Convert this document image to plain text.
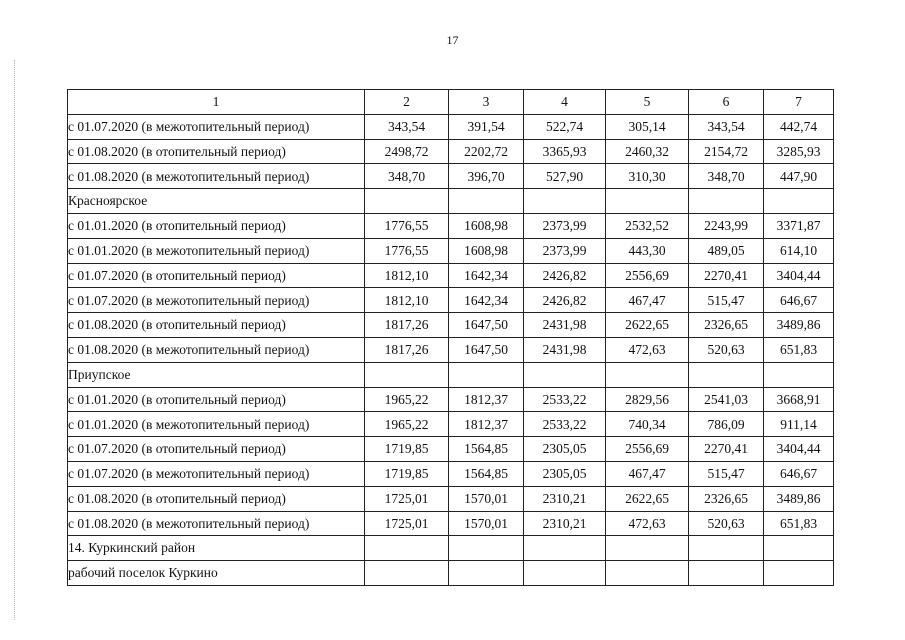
17
1	2	3	4	5	6	7
с 01.07.2020 (в межотопительный период)	343,54	391,54	522,74	305,14	343,54	442,74
с 01.08.2020 (в отопительный период)	2498,72	2202,72	3365,93	2460,32	2154,72	3285,93
с 01.08.2020 (в межотопительный период)	348,70	396,70	527,90	310,30	348,70	447,90
Красноярское						
с 01.01.2020 (в отопительный период)	1776,55	1608,98	2373,99	2532,52	2243,99	3371,87
с 01.01.2020 (в межотопительный период)	1776,55	1608,98	2373,99	443,30	489,05	614,10
с 01.07.2020 (в отопительный период)	1812,10	1642,34	2426,82	2556,69	2270,41	3404,44
с 01.07.2020 (в межотопительный период)	1812,10	1642,34	2426,82	467,47	515,47	646,67
с 01.08.2020 (в отопительный период)	1817,26	1647,50	2431,98	2622,65	2326,65	3489,86
с 01.08.2020 (в межотопительный период)	1817,26	1647,50	2431,98	472,63	520,63	651,83
Приупское						
с 01.01.2020 (в отопительный период)	1965,22	1812,37	2533,22	2829,56	2541,03	3668,91
с 01.01.2020 (в межотопительный период)	1965,22	1812,37	2533,22	740,34	786,09	911,14
с 01.07.2020 (в отопительный период)	1719,85	1564,85	2305,05	2556,69	2270,41	3404,44
с 01.07.2020 (в межотопительный период)	1719,85	1564,85	2305,05	467,47	515,47	646,67
с 01.08.2020 (в отопительный период)	1725,01	1570,01	2310,21	2622,65	2326,65	3489,86
с 01.08.2020 (в межотопительный период)	1725,01	1570,01	2310,21	472,63	520,63	651,83
14. Куркинский район						
рабочий поселок Куркино						
